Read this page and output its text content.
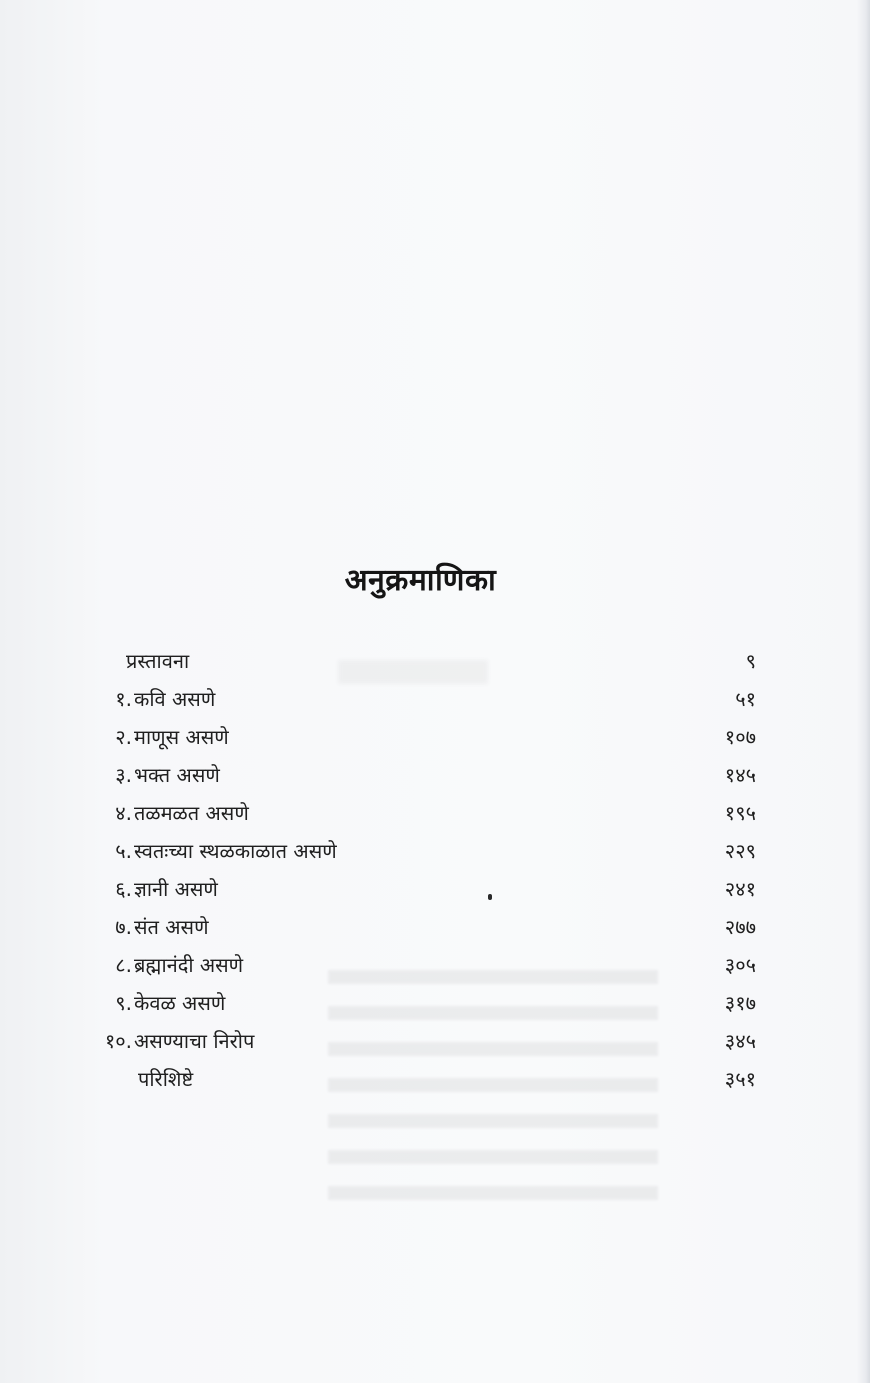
अनुक्रमाणिका
प्रस्तावना	९
१. कवि असणे	५१
२. माणूस असणे	१०७
३. भक्त असणे	१४५
४. तळमळत असणे	१९५
५. स्वतःच्या स्थळकाळात असणे	२२९
६. ज्ञानी असणे	२४१
७. संत असणे	२७७
८. ब्रह्मानंदी असणे	३०५
९. केवळ असणे	३१७
१०. असण्याचा निरोप	३४५
परिशिष्टे	३५१
